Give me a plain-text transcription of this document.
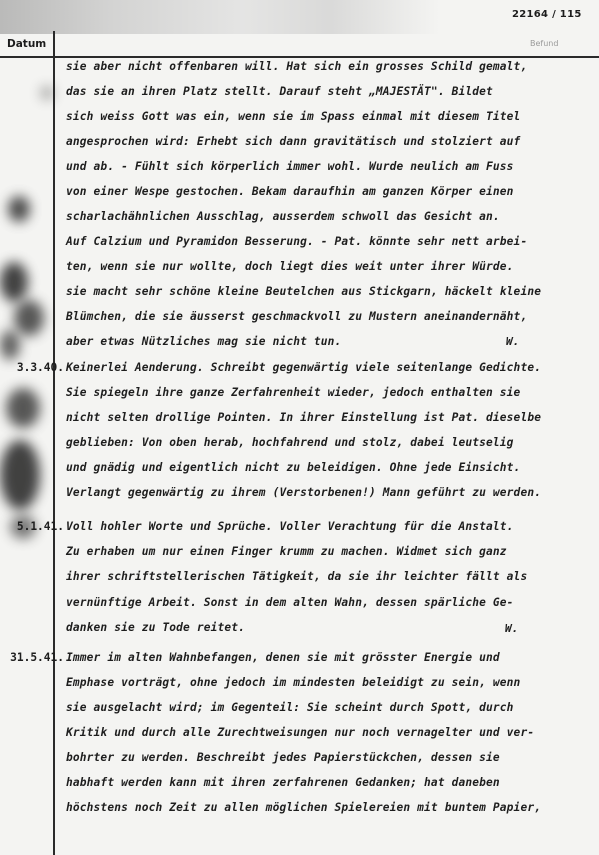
22164 / 115
Datum	Befund
sie aber nicht offenbaren will. Hat sich ein grosses Schild gemalt,
das sie an ihren Platz stellt. Darauf steht „MAJESTÄT". Bildet
sich weiss Gott was ein, wenn sie im Spass einmal mit diesem Titel
angesprochen wird: Erhebt sich dann gravitätisch und stolziert auf
und ab. - Fühlt sich körperlich immer wohl. Wurde neulich am Fuss
von einer Wespe gestochen. Bekam daraufhin am ganzen Körper einen
scharlachähnlichen Ausschlag, ausserdem schwoll das Gesicht an.
Auf Calzium und Pyramidon Besserung. - Pat. könnte sehr nett arbei-
ten, wenn sie nur wollte, doch liegt dies weit unter ihrer Würde.
sie macht sehr schöne kleine Beutelchen aus Stickgarn, häckelt kleine
Blümchen, die sie äusserst geschmackvoll zu Mustern aneinandernäht,
aber etwas Nützliches mag sie nicht tun.	W.
3.3.40. Keinerlei Aenderung. Schreibt gegenwärtig viele seitenlange Gedichte.
Sie spiegeln ihre ganze Zerfahrenheit wieder, jedoch enthalten sie
nicht selten drollige Pointen. In ihrer Einstellung ist Pat. dieselbe
geblieben: Von oben herab, hochfahrend und stolz, dabei leutselig
und gnädig und eigentlich nicht zu beleidigen. Ohne jede Einsicht.
Verlangt gegenwärtig zu ihrem (Verstorbenen!) Mann geführt zu werden.
5.1.41. Voll hohler Worte und Sprüche. Voller Verachtung für die Anstalt.
Zu erhaben um nur einen Finger krumm zu machen. Widmet sich ganz
ihrer schriftstellerischen Tätigkeit, da sie ihr leichter fällt als
vernünftige Arbeit. Sonst in dem alten Wahn, dessen spärliche Ge-
danken sie zu Tode reitet.	W.
31.5.41. Immer im alten Wahnbefangen, denen sie mit grösster Energie und
Emphase vorträgt, ohne jedoch im mindesten beleidigt zu sein, wenn
sie ausgelacht wird; im Gegenteil: Sie scheint durch Spott, durch
Kritik und durch alle Zurechtweisungen nur noch vernagelter und ver-
bohrter zu werden. Beschreibt jedes Papierstückchen, dessen sie
habhaft werden kann mit ihren zerfahrenen Gedanken; hat daneben
höchstens noch Zeit zu allen möglichen Spielereien mit buntem Papier,
